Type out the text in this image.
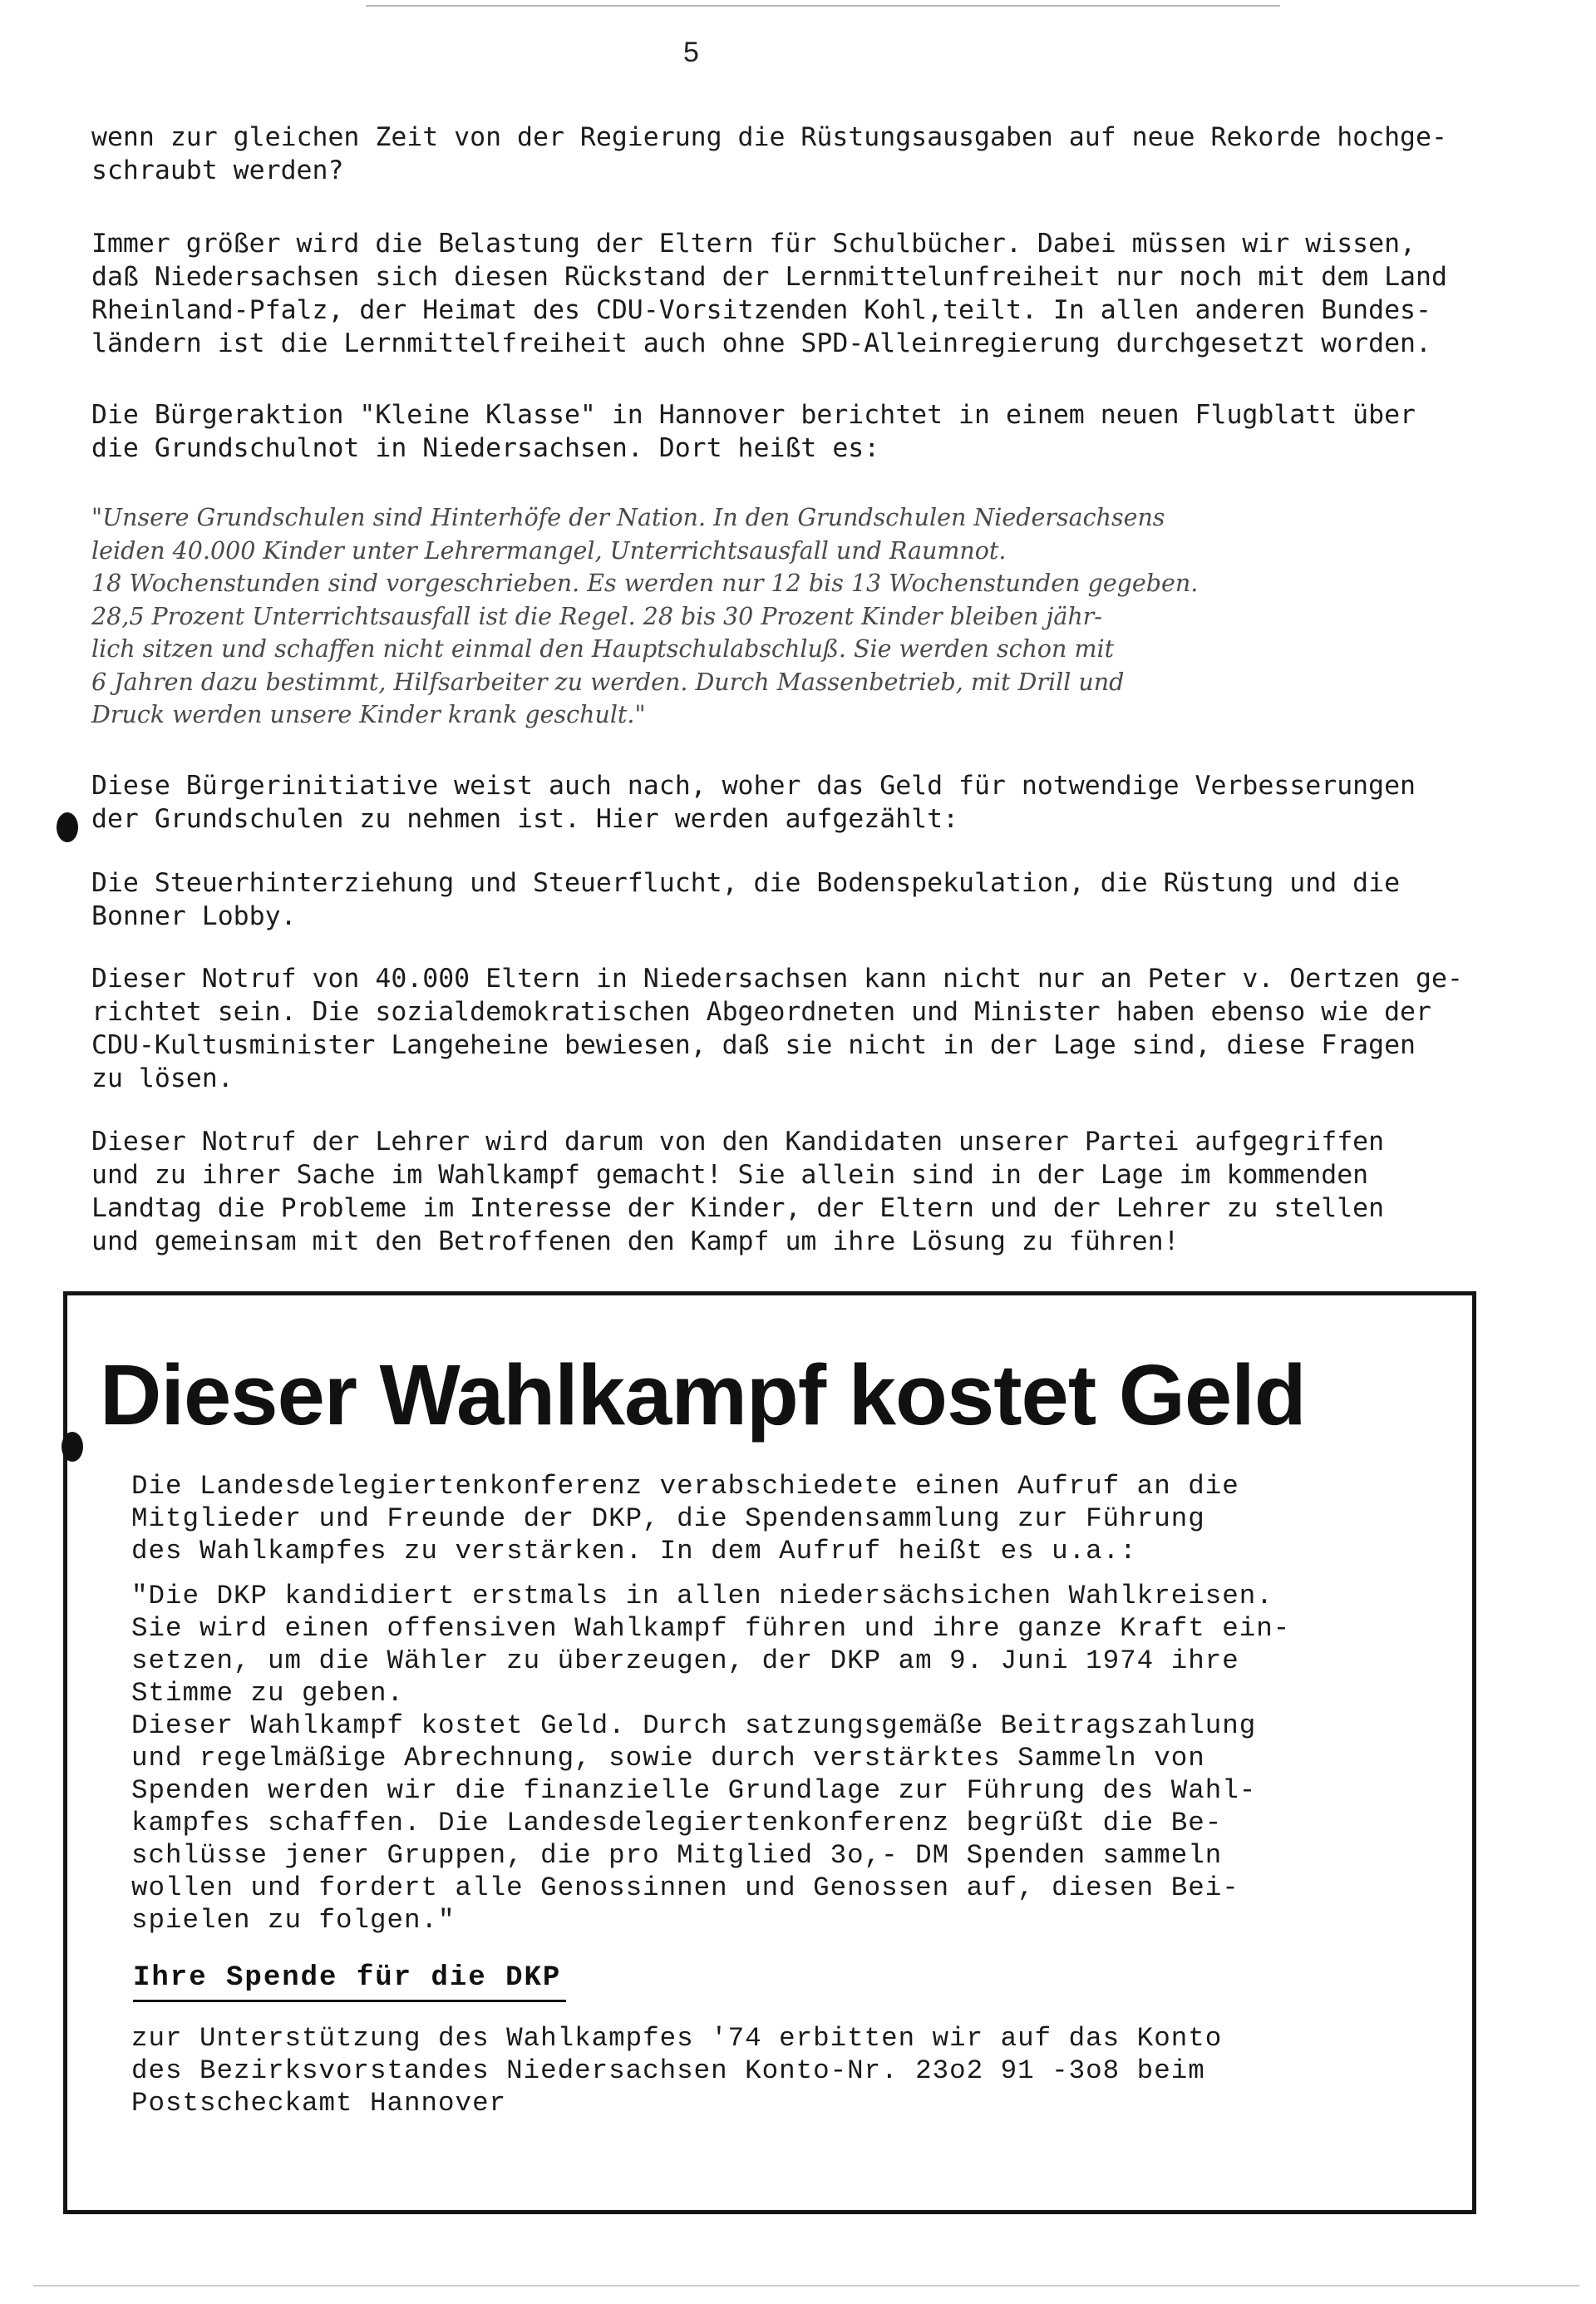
5

wenn zur gleichen Zeit von der Regierung die Rüstungsausgaben auf neue Rekorde hochge-
schraubt werden?

Immer größer wird die Belastung der Eltern für Schulbücher. Dabei müssen wir wissen,
daß Niedersachsen sich diesen Rückstand der Lernmittelunfreiheit nur noch mit dem Land
Rheinland-Pfalz, der Heimat des CDU-Vorsitzenden Kohl,teilt. In allen anderen Bundes-
ländern ist die Lernmittelfreiheit auch ohne SPD-Alleinregierung durchgesetzt worden.

Die Bürgeraktion "Kleine Klasse" in Hannover berichtet in einem neuen Flugblatt über
die Grundschulnot in Niedersachsen. Dort heißt es:

"Unsere Grundschulen sind Hinterhöfe der Nation. In den Grundschulen Niedersachsens
leiden 40.000 Kinder unter Lehrermangel, Unterrichtsausfall und Raumnot.
18 Wochenstunden sind vorgeschrieben. Es werden nur 12 bis 13 Wochenstunden gegeben.
28,5 Prozent Unterrichtsausfall ist die Regel. 28 bis 30 Prozent Kinder bleiben jähr-
lich sitzen und schaffen nicht einmal den Hauptschulabschluß. Sie werden schon mit
6 Jahren dazu bestimmt, Hilfsarbeiter zu werden. Durch Massenbetrieb, mit Drill und
Druck werden unsere Kinder krank geschult."

Diese Bürgerinitiative weist auch nach, woher das Geld für notwendige Verbesserungen
der Grundschulen zu nehmen ist. Hier werden aufgezählt:

Die Steuerhinterziehung und Steuerflucht, die Bodenspekulation, die Rüstung und die
Bonner Lobby.

Dieser Notruf von 40.000 Eltern in Niedersachsen kann nicht nur an Peter v. Oertzen ge-
richtet sein. Die sozialdemokratischen Abgeordneten und Minister haben ebenso wie der
CDU-Kultusminister Langeheine bewiesen, daß sie nicht in der Lage sind, diese Fragen
zu lösen.

Dieser Notruf der Lehrer wird darum von den Kandidaten unserer Partei aufgegriffen
und zu ihrer Sache im Wahlkampf gemacht! Sie allein sind in der Lage im kommenden
Landtag die Probleme im Interesse der Kinder, der Eltern und der Lehrer zu stellen
und gemeinsam mit den Betroffenen den Kampf um ihre Lösung zu führen!

Dieser Wahlkampf kostet Geld

Die Landesdelegiertenkonferenz verabschiedete einen Aufruf an die
Mitglieder und Freunde der DKP, die Spendensammlung zur Führung
des Wahlkampfes zu verstärken. In dem Aufruf heißt es u.a.:

"Die DKP kandidiert erstmals in allen niedersächsichen Wahlkreisen.
Sie wird einen offensiven Wahlkampf führen und ihre ganze Kraft ein-
setzen, um die Wähler zu überzeugen, der DKP am 9. Juni 1974 ihre
Stimme zu geben.
Dieser Wahlkampf kostet Geld. Durch satzungsgemäße Beitragszahlung
und regelmäßige Abrechnung, sowie durch verstärktes Sammeln von
Spenden werden wir die finanzielle Grundlage zur Führung des Wahl-
kampfes schaffen. Die Landesdelegiertenkonferenz begrüßt die Be-
schlüsse jener Gruppen, die pro Mitglied 3o,- DM Spenden sammeln
wollen und fordert alle Genossinnen und Genossen auf, diesen Bei-
spielen zu folgen."

Ihre Spende für die DKP

zur Unterstützung des Wahlkampfes '74 erbitten wir auf das Konto
des Bezirksvorstandes Niedersachsen Konto-Nr. 23o2 91 -3o8 beim
Postscheckamt Hannover
